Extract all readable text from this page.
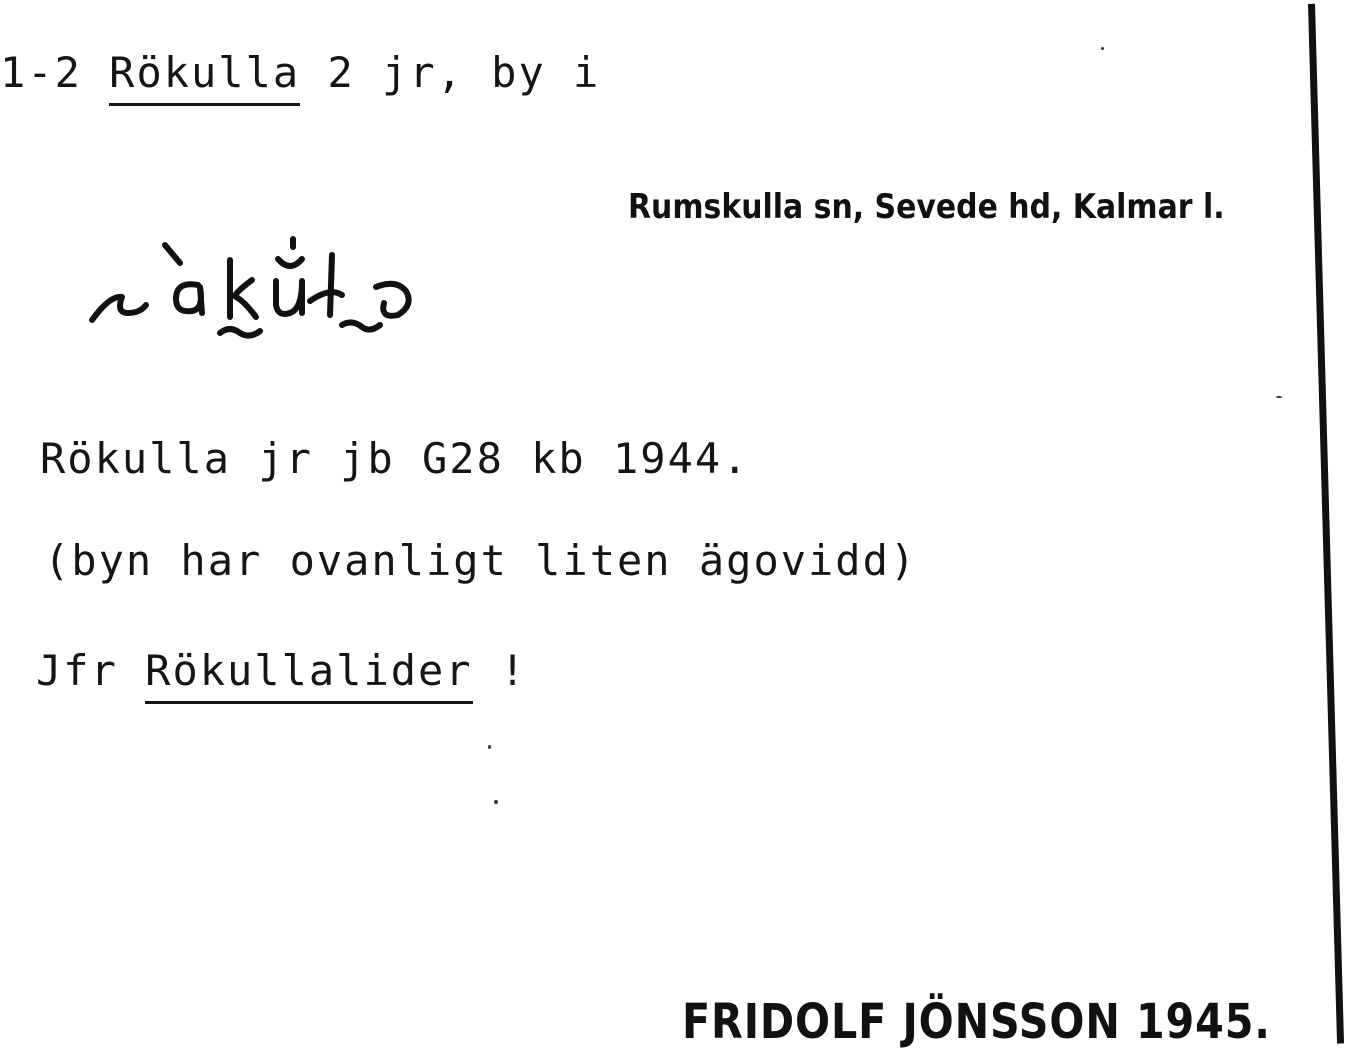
1-2 Rökulla 2 jr, by i
Rumskulla sn, Sevede hd, Kalmar l.
Rökulla jr jb G28 kb 1944.
(byn har ovanligt liten ägovidd)
Jfr Rökullalider !
FRIDOLF JÖNSSON 1945.
